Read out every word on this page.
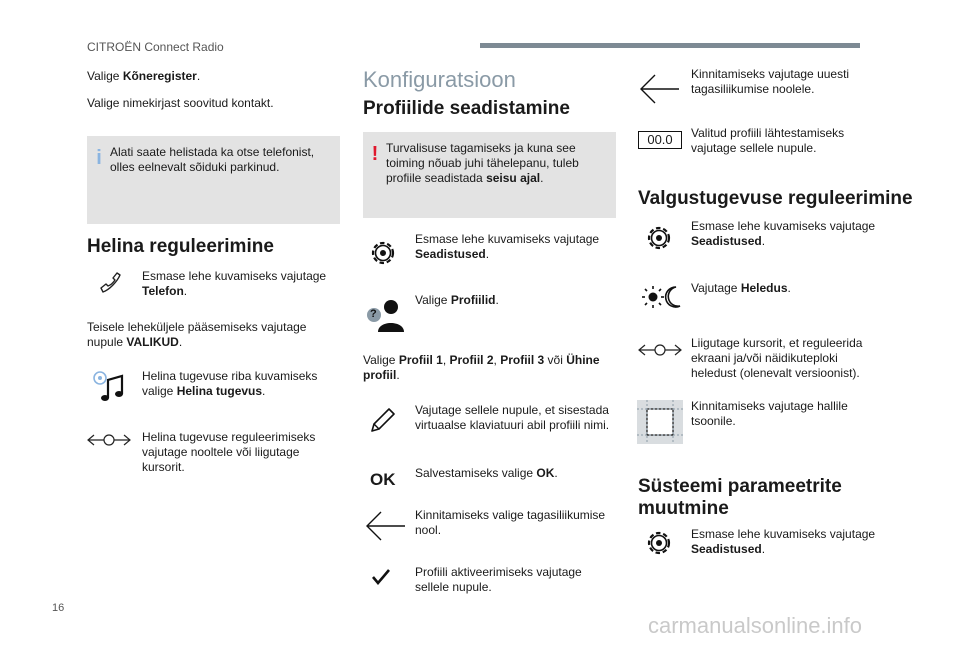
CITROËN Connect Radio
16
carmanualsonline.info
Valige Kõneregister.
Valige nimekirjast soovitud kontakt.
i Alati saate helistada ka otse telefonist, olles eelnevalt sõiduki parkinud.
Helina reguleerimine
Esmase lehe kuvamiseks vajutage Telefon.
Teisele leheküljele pääsemiseks vajutage nupule VALIKUD.
Helina tugevuse riba kuvamiseks valige Helina tugevus.
Helina tugevuse reguleerimiseks vajutage nooltele või liigutage kursorit.
Konfiguratsioon
Profiilide seadistamine
! Turvalisuse tagamiseks ja kuna see toiming nõuab juhi tähelepanu, tuleb profiile seadistada seisu ajal.
Esmase lehe kuvamiseks vajutage Seadistused.
?
Valige Profiilid.
Valige Profiil 1, Profiil 2, Profiil 3 või Ühine profiil.
Vajutage sellele nupule, et sisestada virtuaalse klaviatuuri abil profiili nimi.
OK Salvestamiseks valige OK.
Kinnitamiseks valige tagasiliikumise nool.
Profiili aktiveerimiseks vajutage sellele nupule.
Kinnitamiseks vajutage uuesti tagasiliikumise noolele.
00.0	Valitud profiili lähtestamiseks vajutage sellele nupule.
Valgustugevuse reguleerimine
Esmase lehe kuvamiseks vajutage Seadistused.
Vajutage Heledus.
Liigutage kursorit, et reguleerida ekraani ja/või näidikuteploki heledust (olenevalt versioonist).
Kinnitamiseks vajutage hallile tsoonile.
Süsteemi parameetrite muutmine
Esmase lehe kuvamiseks vajutage Seadistused.
